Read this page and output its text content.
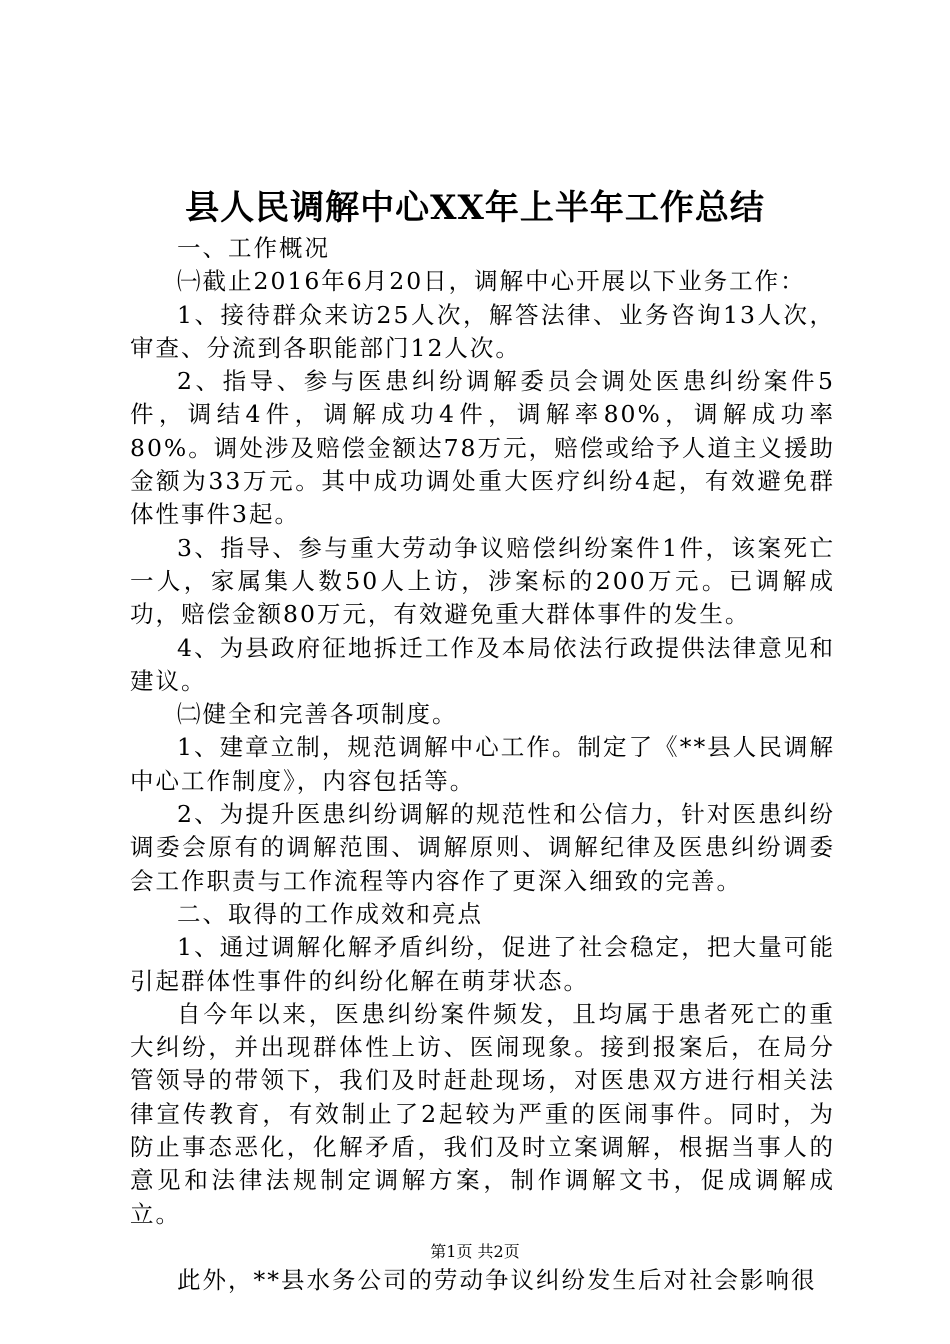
县人民调解中心XX年上半年工作总结

一、工作概况

㈠截止2016年6月20日，调解中心开展以下业务工作：

1、接待群众来访25人次，解答法律、业务咨询13人次，审查、分流到各职能部门12人次。

2、指导、参与医患纠纷调解委员会调处医患纠纷案件5件，调结4件，调解成功4件，调解率80%，调解成功率80%。调处涉及赔偿金额达78万元，赔偿或给予人道主义援助金额为33万元。其中成功调处重大医疗纠纷4起，有效避免群体性事件3起。

3、指导、参与重大劳动争议赔偿纠纷案件1件，该案死亡一人，家属集人数50人上访，涉案标的200万元。已调解成功，赔偿金额80万元，有效避免重大群体事件的发生。

4、为县政府征地拆迁工作及本局依法行政提供法律意见和建议。

㈡健全和完善各项制度。

1、建章立制，规范调解中心工作。制定了《**县人民调解中心工作制度》，内容包括等。

2、为提升医患纠纷调解的规范性和公信力，针对医患纠纷调委会原有的调解范围、调解原则、调解纪律及医患纠纷调委会工作职责与工作流程等内容作了更深入细致的完善。

二、取得的工作成效和亮点

1、通过调解化解矛盾纠纷，促进了社会稳定，把大量可能引起群体性事件的纠纷化解在萌芽状态。

自今年以来，医患纠纷案件频发，且均属于患者死亡的重大纠纷，并出现群体性上访、医闹现象。接到报案后，在局分管领导的带领下，我们及时赶赴现场，对医患双方进行相关法律宣传教育，有效制止了2起较为严重的医闹事件。同时，为防止事态恶化，化解矛盾，我们及时立案调解，根据当事人的意见和法律法规制定调解方案，制作调解文书，促成调解成立。

此外，**县水务公司的劳动争议纠纷发生后对社会影响很

第1页 共2页
